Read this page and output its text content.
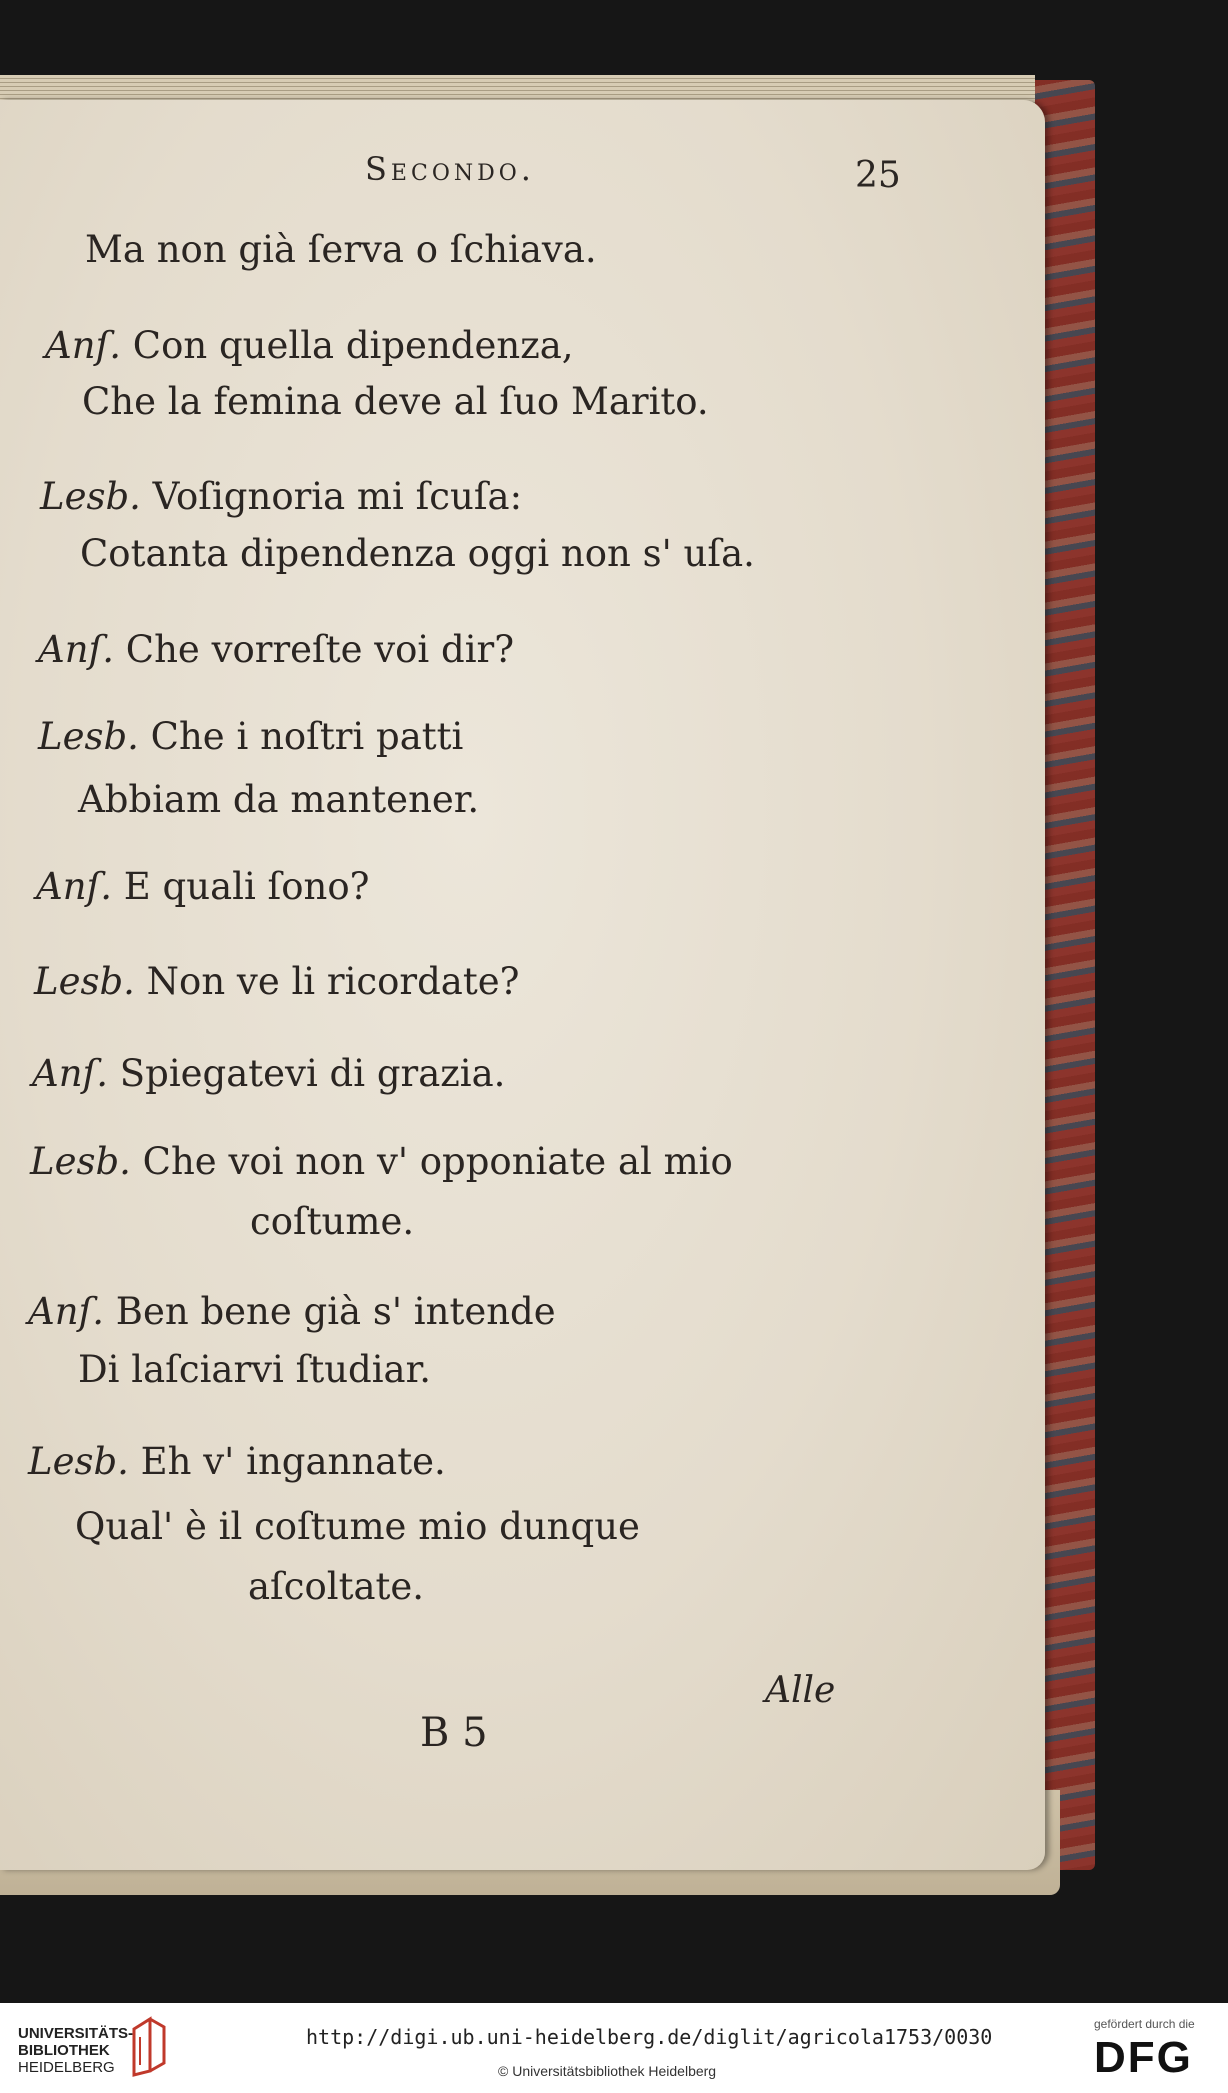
Secondo.	25
Ma non già ſerva o ſchiava.
Anſ. Con quella dipendenza,
Che la femina deve al ſuo Marito.
Lesb. Voſignoria mi ſcuſa:
Cotanta dipendenza oggi non s' uſa.
Anſ. Che vorreſte voi dir?
Lesb. Che i noſtri patti
Abbiam da mantener.
Anſ. E quali ſono?
Lesb. Non ve li ricordate?
Anſ. Spiegatevi di grazia.
Lesb. Che voi non v' opponiate al mio
coſtume.
Anſ. Ben bene già s' intende
Di laſciarvi ſtudiar.
Lesb. Eh v' ingannate.
Qual' è il coſtume mio dunque
aſcoltate.
Alle
B 5
UNIVERSITÄTS-
BIBLIOTHEK
HEIDELBERG
http://digi.ub.uni-heidelberg.de/diglit/agricola1753/0030
© Universitätsbibliothek Heidelberg
gefördert durch die
DFG
